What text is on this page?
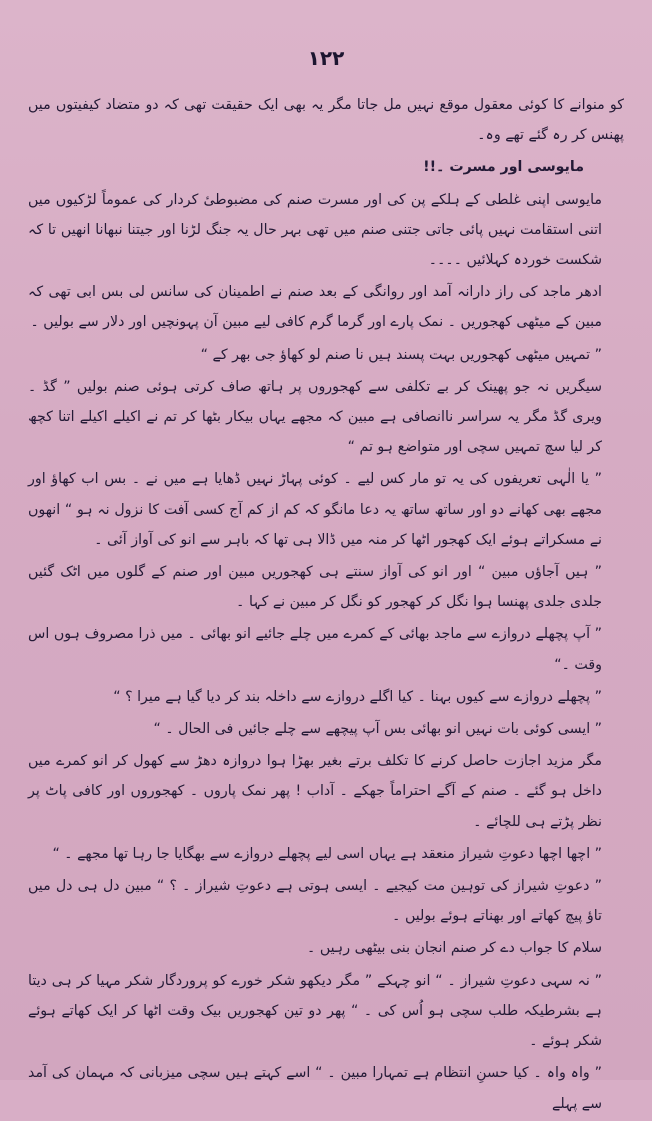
۱۲۲

کو منوانے کا کوئی معقول موقع نہیں مل جاتا مگر یہ بھی ایک حقیقت تھی کہ دو متضاد کیفیتوں میں پھنس کر رہ گئے تھے وہ۔

مایوسی اور مسرت ۔!!

مایوسی اپنی غلطی کے ہلکے پن کی اور مسرت صنم کی مضبوطیٔ کردار کی عموماً لڑکیوں میں اتنی استقامت نہیں پائی جاتی جتنی صنم میں تھی بہر حال یہ جنگ لڑنا اور جیتنا نبھانا انھیں تا کہ شکست خوردہ کہلائیں ۔۔۔۔

ادھر ماجد کی راز دارانہ آمد اور روانگی کے بعد صنم نے اطمینان کی سانس لی بس ابی تھی کہ مبین کے میٹھی کھجوریں ۔ نمک پارے اور گرما گرم کافی لیے مبین آن پہونچیں اور دلار سے بولیں ۔

” تمہیں میٹھی کھجوریں بہت پسند ہیں نا صنم لو کھاؤ جی بھر کے “

سیگریں نہ جو پھینک کر بے تکلفی سے کھجوروں پر ہاتھ صاف کرتی ہوئی صنم بولیں ” گڈ ۔ ویری گڈ مگر یہ سراسر ناانصافی ہے مبین کہ مجھے یہاں بیکار بٹھا کر تم نے اکیلے اکیلے اتنا کچھ کر لیا سچ تمہیں سچی اور متواضع ہو تم “

” یا الٰہی تعریفوں کی یہ تو مار کس لیے ۔ کوئی پہاڑ نہیں ڈھایا ہے میں نے ۔ بس اب کھاؤ اور مجھے بھی کھانے دو اور ساتھ ساتھ یہ دعا مانگو کہ کم از کم آج کسی آفت کا نزول نہ ہو “ انھوں نے مسکراتے ہوئے ایک کھجور اٹھا کر منہ میں ڈالا ہی تھا کہ باہر سے انو کی آواز آئی ۔

” ہیں آجاؤں مبین “ اور انو کی آواز سنتے ہی کھجوریں مبین اور صنم کے گلوں میں اٹک گئیں جلدی جلدی پھنسا ہوا نگل کر کھجور کو نگل کر مبین نے کہا ۔

” آپ پچھلے دروازے سے ماجد بھائی کے کمرے میں چلے جائیے انو بھائی ۔ میں ذرا مصروف ہوں اس وقت ۔“

” پچھلے دروازے سے کیوں بہنا ۔ کیا اگلے دروازے سے داخلہ بند کر دیا گیا ہے میرا ؟ “

” ایسی کوئی بات نہیں انو بھائی بس آپ پیچھے سے چلے جائیں فی الحال ۔ “

مگر مزید اجازت حاصل کرنے کا تکلف برتے بغیر بھڑا ہوا دروازہ دھڑ سے کھول کر انو کمرے میں داخل ہو گئے ۔ صنم کے آگے احتراماً جھکے ۔ آداب ! پھر نمک پاروں ۔ کھجوروں اور کافی پاٹ پر نظر پڑتے ہی للچائے ۔

” اچھا اچھا دعوتِ شیراز منعقد ہے یہاں اسی لیے پچھلے دروازے سے بھگایا جا رہا تھا مجھے ۔ “

” دعوتِ شیراز کی توہین مت کیجیے ۔ ایسی ہوتی ہے دعوتِ شیراز ۔ ؟ “ مبین دل ہی دل میں تاؤ پیچ کھاتے اور بھناتے ہوئے بولیں ۔

سلام کا جواب دے کر صنم انجان بنی بیٹھی رہیں ۔

” نہ سہی دعوتِ شیراز ۔ “ انو چہکے ” مگر دیکھو شکر خورے کو پروردگار شکر مہیا کر ہی دیتا ہے بشرطیکہ طلب سچی ہو اُس کی ۔ “ پھر دو تین کھجوریں بیک وقت اٹھا کر ایک کھاتے ہوئے شکر ہوئے ۔

” واہ واہ ۔ کیا حسنِ انتظام ہے تمہارا مبین ۔ “ اسے کہتے ہیں سچی میزبانی کہ مہمان کی آمد سے پہلے
